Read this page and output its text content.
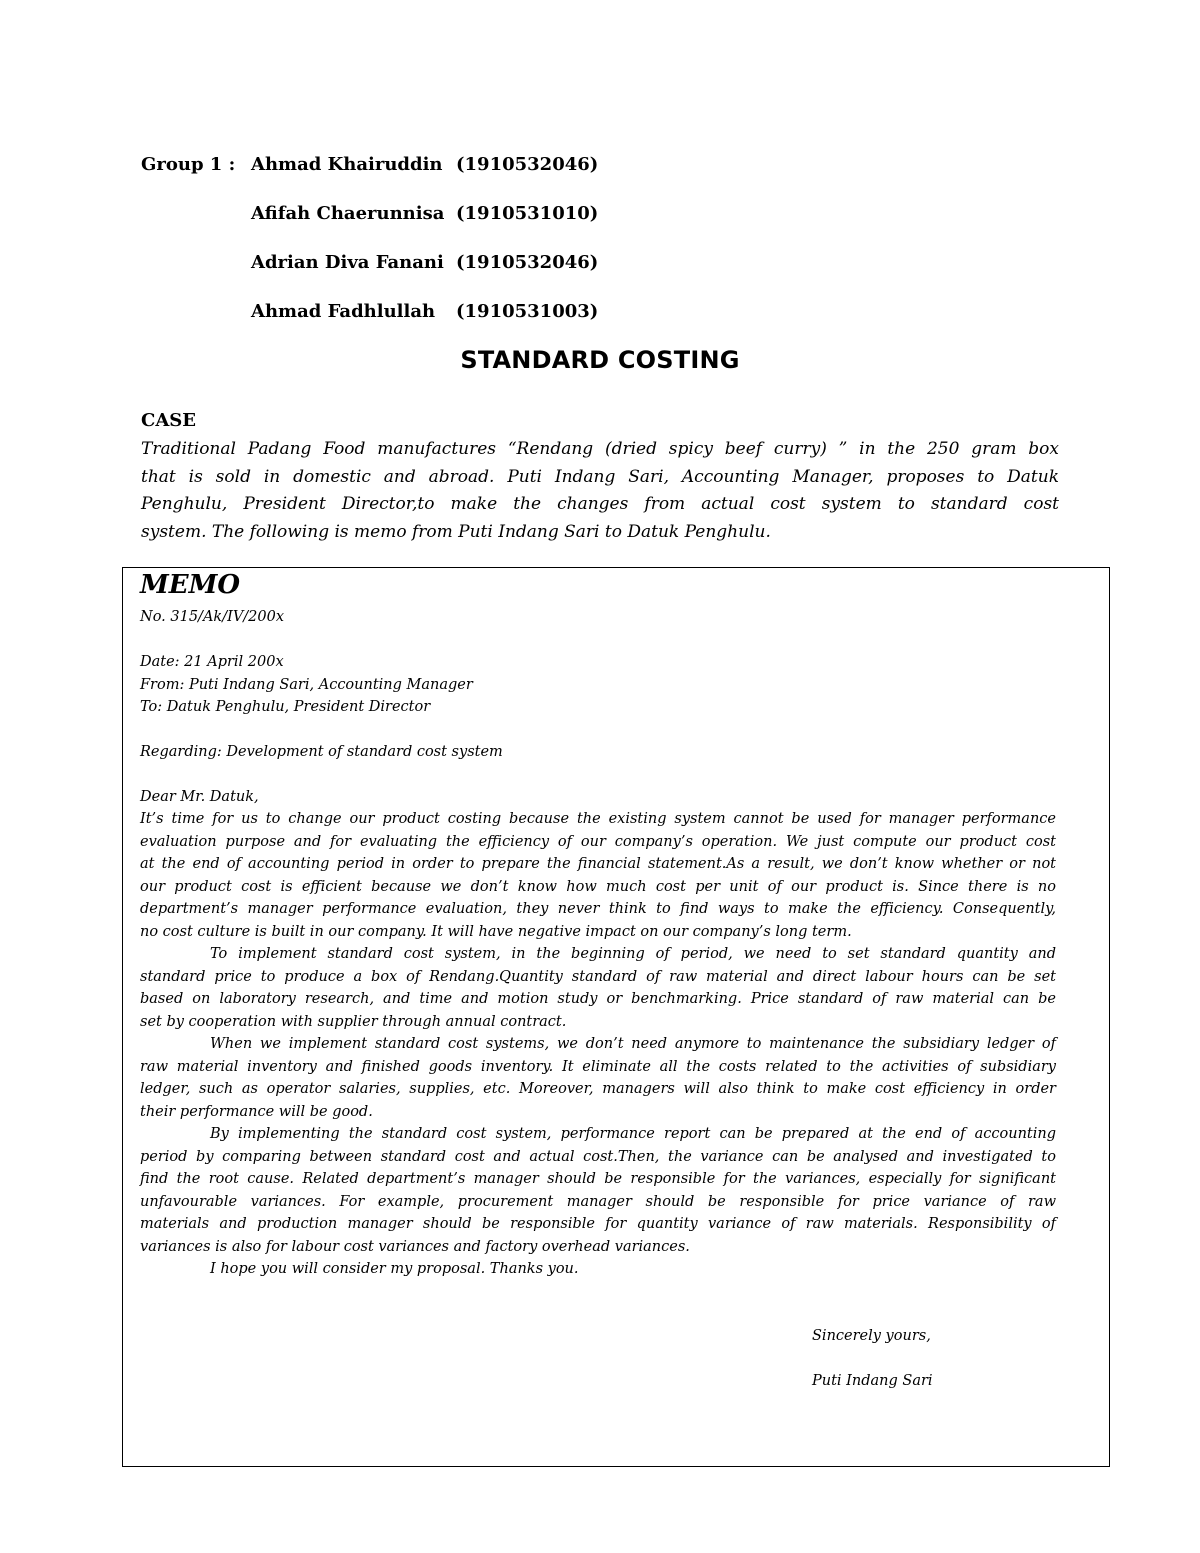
Group 1 : Ahmad Khairuddin (1910532046)
Afifah Chaerunnisa (1910531010)
Adrian Diva Fanani (1910532046)
Ahmad Fadhlullah	(1910531003)
STANDARD COSTING
CASE
Traditional Padang Food manufactures “Rendang (dried spicy beef curry) ” in the 250 gram box
that is sold in domestic and abroad. Puti Indang Sari, Accounting Manager, proposes to Datuk
Penghulu, President Director,to make the changes from actual cost system to standard cost
system. The following is memo from Puti Indang Sari to Datuk Penghulu.
MEMO
No. 315/Ak/IV/200x
Date: 21 April 200x
From: Puti Indang Sari, Accounting Manager
To: Datuk Penghulu, President Director
Regarding: Development of standard cost system
Dear Mr. Datuk,
It’s time for us to change our product costing because the existing system cannot be used for manager performance
evaluation purpose and for evaluating the efficiency of our company’s operation. We just compute our product cost
at the end of accounting period in order to prepare the financial statement.As a result, we don’t know whether or not
our product cost is efficient because we don’t know how much cost per unit of our product is. Since there is no
department’s manager performance evaluation, they never think to find ways to make the efficiency. Consequently,
no cost culture is built in our company. It will have negative impact on our company’s long term.
To implement standard cost system, in the beginning of period, we need to set standard quantity and
standard price to produce a box of Rendang.Quantity standard of raw material and direct labour hours can be set
based on laboratory research, and time and motion study or benchmarking. Price standard of raw material can be
set by cooperation with supplier through annual contract.
When we implement standard cost systems, we don’t need anymore to maintenance the subsidiary ledger of
raw material inventory and finished goods inventory. It eliminate all the costs related to the activities of subsidiary
ledger, such as operator salaries, supplies, etc. Moreover, managers will also think to make cost efficiency in order
their performance will be good.
By implementing the standard cost system, performance report can be prepared at the end of accounting
period by comparing between standard cost and actual cost.Then, the variance can be analysed and investigated to
find the root cause. Related department’s manager should be responsible for the variances, especially for significant
unfavourable variances. For example, procurement manager should be responsible for price variance of raw
materials and production manager should be responsible for quantity variance of raw materials. Responsibility of
variances is also for labour cost variances and factory overhead variances.
I hope you will consider my proposal. Thanks you.
Sincerely yours,
Puti Indang Sari
